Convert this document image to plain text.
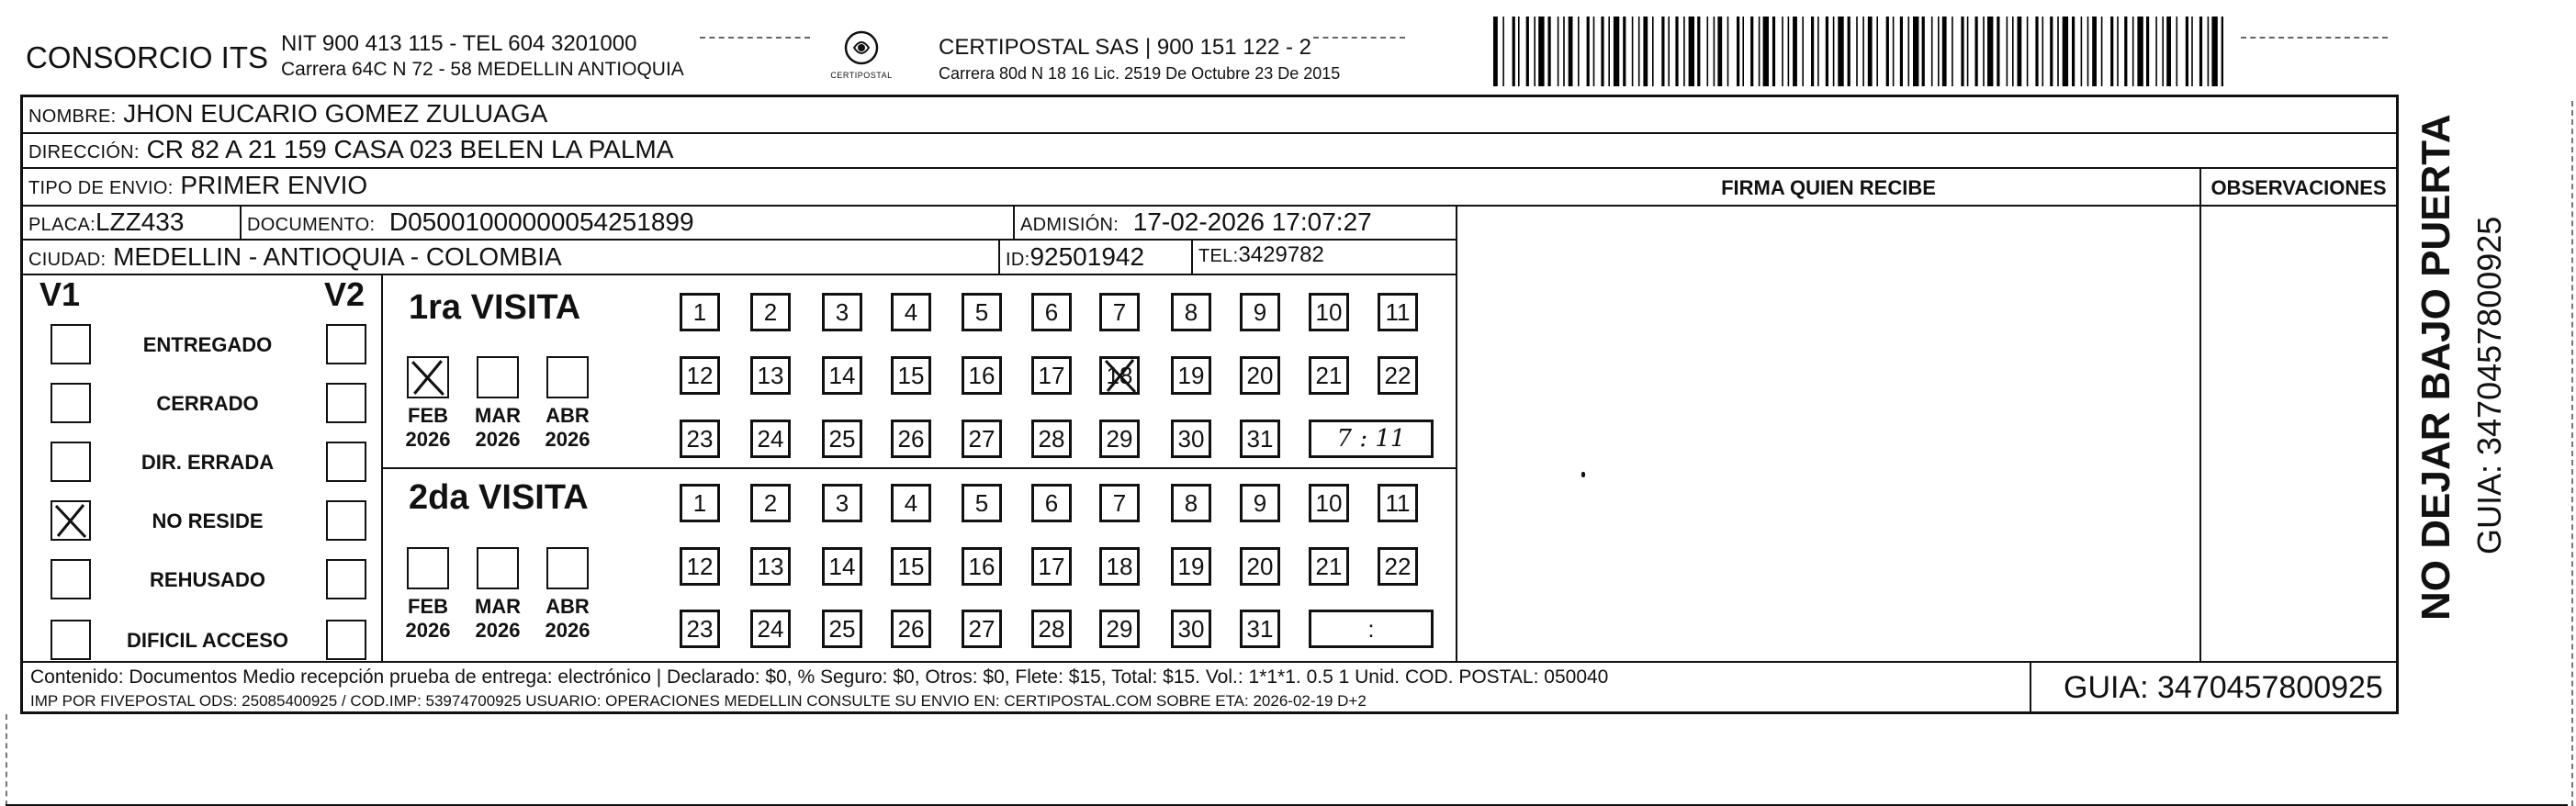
CONSORCIO ITS NIT 900 413 115 - TEL 604 3201000
Carrera 64C N 72 - 58 MEDELLIN ANTIOQUIA	CERTIPOSTAL
CERTIPOSTAL SAS | 900 151 122 - 2
Carrera 80d N 18 16 Lic. 2519 De Octubre 23 De 2015
NOMBRE: JHON EUCARIO GOMEZ ZULUAGA
DIRECCIÓN: CR 82 A 21 159 CASA 023 BELEN LA PALMA
TIPO DE ENVIO: PRIMER ENVIO	FIRMA QUIEN RECIBE	OBSERVACIONES
PLACA:LZZ433	DOCUMENTO: D05001000000054251899	ADMISIÓN: 17-02-2026 17:07:27
CIUDAD: MEDELLIN - ANTIOQUIA - COLOMBIA	ID:92501942	TEL:3429782
V1	V2
ENTREGADO
CERRADO
DIR. ERRADA
NO RESIDE
REHUSADO
DIFICIL ACCESO
1ra VISITA
FEB
2026
MAR
2026
ABR
2026
1	2	3	4	5	6	7	8	9	10	11
12 13 14 15 16 17 18 19 20 21 22
23 24 25 26 27 28 29 30 31	7 : 11
2da VISITA
FEB
2026
MAR
2026
ABR
2026
1	2	3	4	5	6	7	8	9	10	11
12 13 14 15 16 17 18 19 20 21 22
23 24 25 26 27 28 29 30 31	:
Contenido: Documentos Medio recepción prueba de entrega: electrónico | Declarado: $0, % Seguro: $0, Otros: $0, Flete: $15, Total: $15. Vol.: 1*1*1. 0.5 1 Unid. COD. POSTAL: 050040
IMP POR FIVEPOSTAL ODS: 25085400925 / COD.IMP: 53974700925 USUARIO: OPERACIONES MEDELLIN CONSULTE SU ENVIO EN: CERTIPOSTAL.COM SOBRE ETA: 2026-02-19 D+2	GUIA: 3470457800925
NO DEJAR BAJO PUERTA GUIA: 3470457800925
